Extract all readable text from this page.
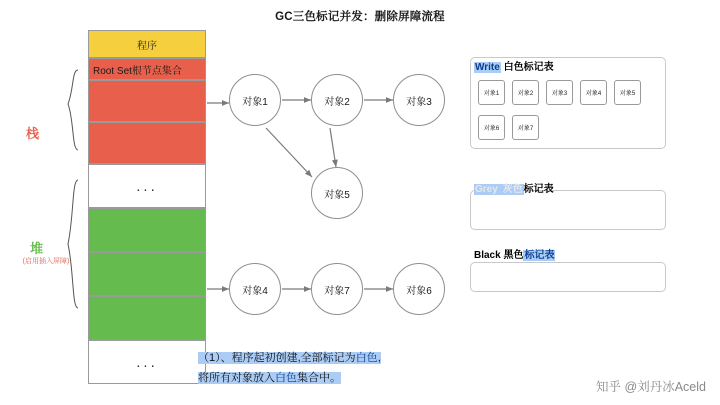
GC三色标记并发：删除屏障流程
程序
Root Set根节点集合
...
...
栈
堆
(启用插入屏障)
对象1	对象2	对象3
对象5
对象4	对象7	对象6
Write 白色标记表
对象1	对象2	对象3	对象4	对象5
对象6	对象7
Grey 灰色标记表
Black 黑色标记表
（1）、程序起初创建,全部标记为白色,
将所有对象放入白色集合中。
知乎 @刘丹冰Aceld
